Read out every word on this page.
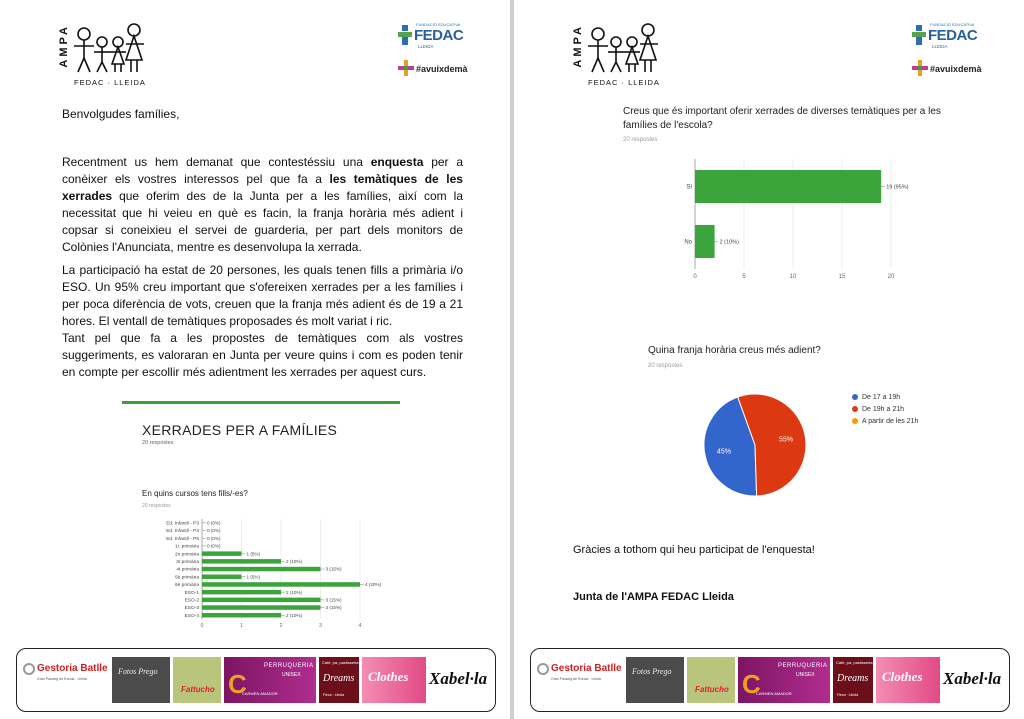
AMPA
FEDAC · LLEIDA
FUNDACIÓ EDUCATIVA
FEDAC
LLEIDA
#avuixdemà
Benvolgudes famílies,
Recentment us hem demanat que contestéssiu una enquesta per a conèixer els vostres interessos pel que fa a les temàtiques de les xerrades que oferim des de la Junta per a les famílies, així com la necessitat que hi veieu en què es facin, la franja horària més adient i copsar si coneixieu el servei de guarderia, per part dels monitors de Colònies l'Anunciata, mentre es desenvolupa la xerrada.
La participació ha estat de 20 persones, les quals tenen fills a primària i/o ESO. Un 95% creu important que s'ofereixen xerrades per a les famílies i per poca diferència de vots, creuen que la franja més adient és de 19 a 21 hores. El ventall de temàtiques proposades és molt variat i ric.
Tant pel que fa a les propostes de temàtiques com als vostres suggeriments, es valoraran en Junta per veure quins i com es poden tenir en compte per escollir més adientment les xerrades per aquest curs.
XERRADES PER A FAMÍLIES
20 respostes
En quins cursos tens fills/-es?
20 respostes
0	1	2	3	4
Ed. Infantil - P3 0 (0%)
Ed. Infantil - P4 0 (0%)
Ed. Infantil - P5 0 (0%)
1r. primària 0 (0%)
2n primària	1 (5%)
3r primària	2 (10%)
4t primària	3 (15%)
5è primària	1 (5%)
6è primària	4 (20%)
ESO-1	2 (10%)
ESO-2	3 (15%)
ESO-3	3 (15%)
ESO-4	2 (10%)
Gestoria Batlle
Gran Passeig de Ronda · Lleida
Fotos Prego
Fattucho C
PERRUQUERIA
UNISEX
CARMEN AMADOR
Cafè, pa, pastisseria
Dreams
Fleca · Lleida
Clothes Xabel·la
AMPA
FEDAC · LLEIDA
FUNDACIÓ EDUCATIVA
FEDAC
LLEIDA
#avuixdemà
Gestoria Batlle
Gran Passeig de Ronda · Lleida
Fotos Prego
Fattucho C
PERRUQUERIA
UNISEX
CARMEN AMADOR
Cafè, pa, pastisseria
Dreams
Fleca · Lleida
Clothes Xabel·la
Creus que és important oferir xerrades de diverses temàtiques per a les famílies de l'escola?
20 respostes
0	5	10	15	20
Sí	19 (95%)
No	2 (10%)
Quina franja horària creus més adient?
20 respostes
45%
55%
De 17 a 19h
De 19h a 21h
A partir de les 21h
Gràcies a tothom qui heu participat de l'enquesta!
Junta de l'AMPA FEDAC Lleida
